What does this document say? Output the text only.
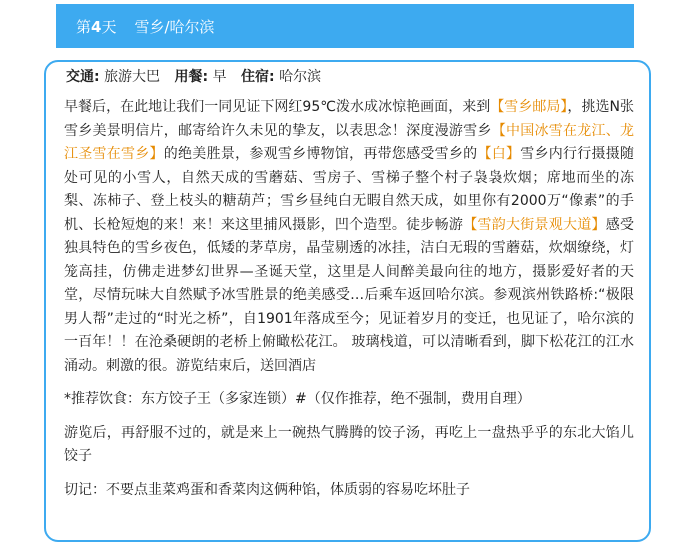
第4天 雪乡/哈尔滨
交通: 旅游大巴 用餐: 早 住宿: 哈尔滨

早餐后，在此地让我们一同见证下网红95℃泼水成冰惊艳画面，来到【雪乡邮局】，挑选N张雪乡美景明信片，邮寄给许久未见的挚友，以表思念！深度漫游雪乡【中国冰雪在龙江、龙江圣雪在雪乡】的绝美胜景，参观雪乡博物馆，再带您感受雪乡的【白】雪乡内行行摄摄随处可见的小雪人，自然天成的雪蘑菇、雪房子、雪梯子整个村子袅袅炊烟；席地而坐的冻梨、冻柿子、登上枝头的糖葫芦；雪乡昼纯白无暇自然天成，如里你有2000万“像素”的手机、长枪短炮的来！来！来这里捕风摄影，凹个造型。徒步畅游【雪韵大街景观大道】感受独具特色的雪乡夜色，低矮的茅草房，晶莹剔透的冰挂，洁白无瑕的雪蘑菇，炊烟缭绕，灯笼高挂，仿佛走进梦幻世界—圣诞天堂，这里是人间醉美最向往的地方，摄影爱好者的天堂，尽情玩味大自然赋予冰雪胜景的绝美感受…后乘车返回哈尔滨。参观滨州铁路桥:“极限男人帮”走过的“时光之桥”，自1901年落成至今；见证着岁月的变迁，也见证了，哈尔滨的一百年！！在沧桑硬朗的老桥上俯瞰松花江。 玻璃栈道，可以清晰看到，脚下松花江的江水涌动。刺激的很。游览结束后，送回酒店

*推荐饮食：东方饺子王（多家连锁）#（仅作推荐，绝不强制，费用自理）

游览后，再舒服不过的，就是来上一碗热气腾腾的饺子汤，再吃上一盘热乎乎的东北大馅儿饺子

切记：不要点韭菜鸡蛋和香菜肉这俩种馅，体质弱的容易吃坏肚子
